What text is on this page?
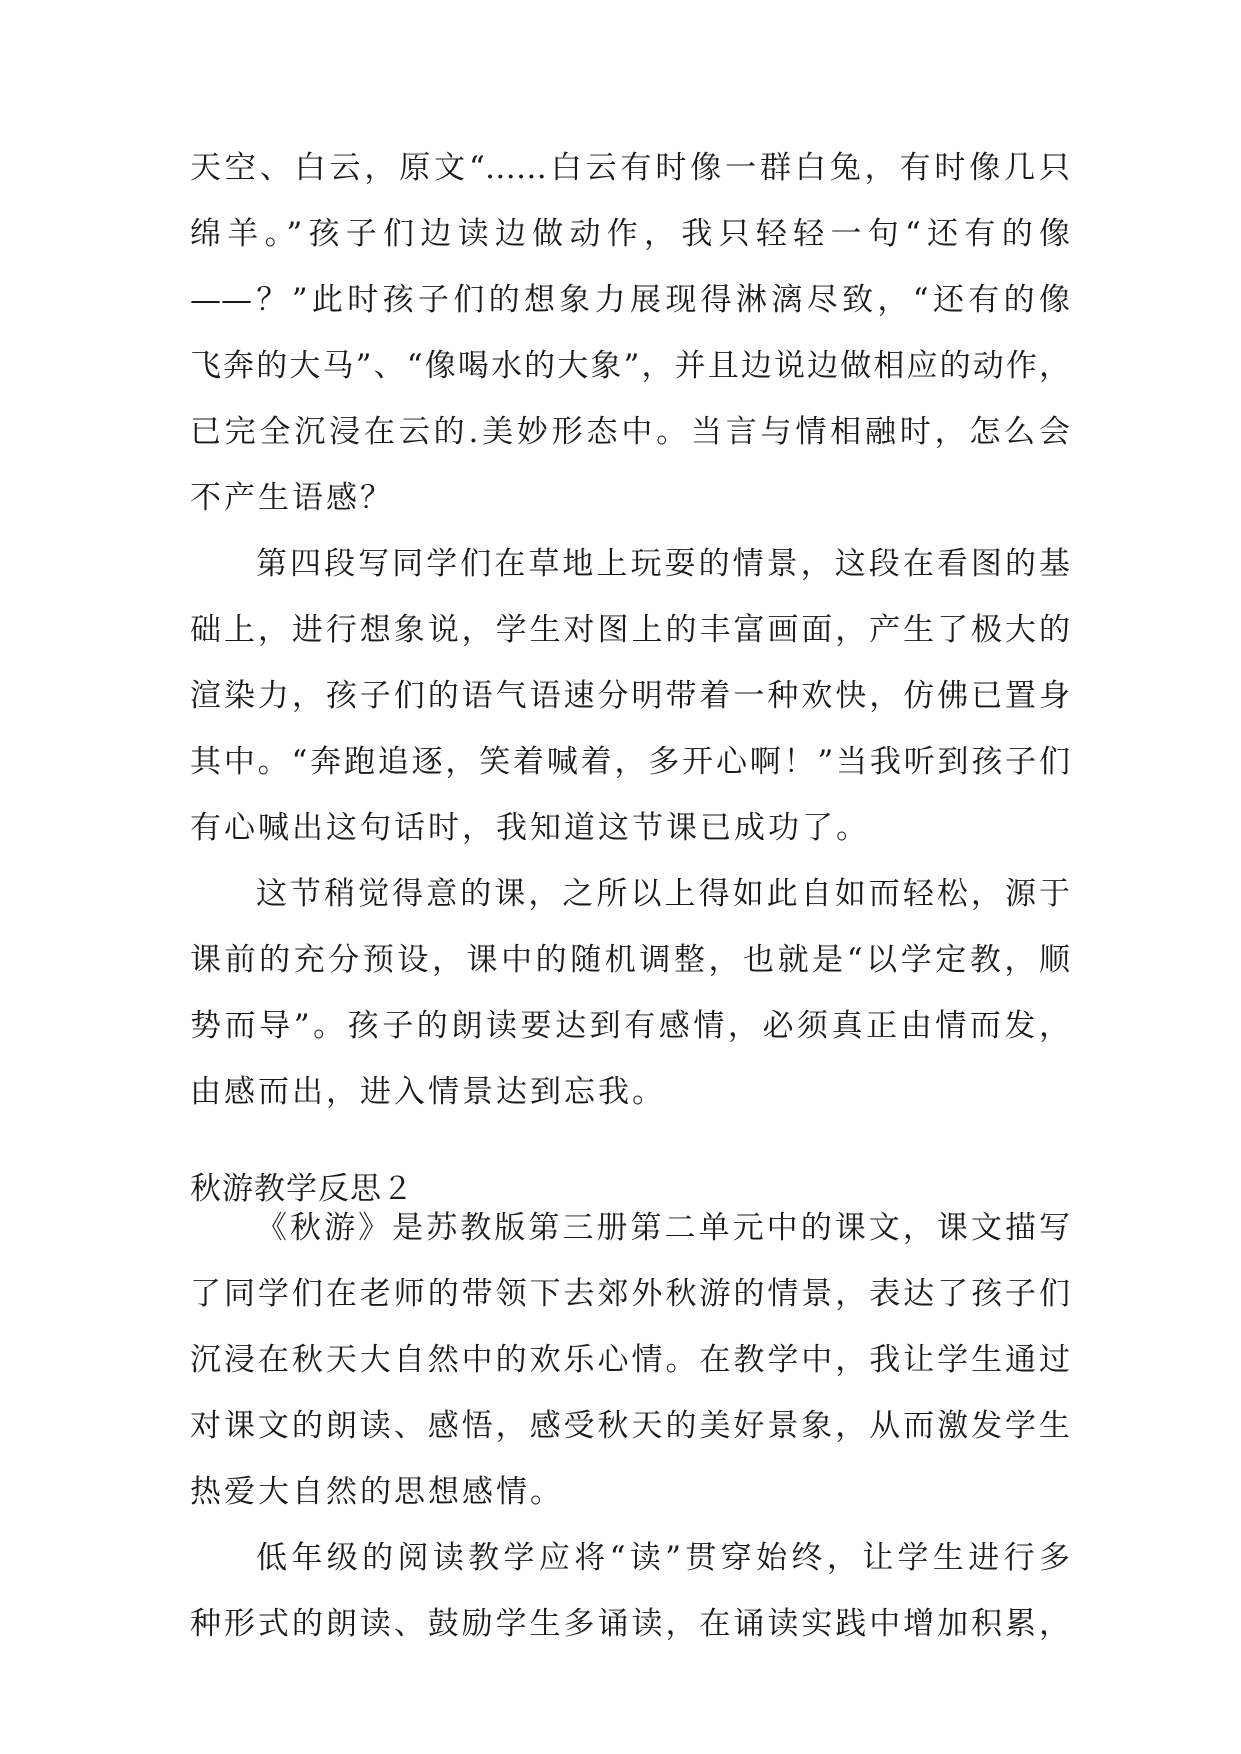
天空、白云，原文“……白云有时像一群白兔，有时像几只
绵羊。”孩子们边读边做动作，我只轻轻一句“还有的像
——？”此时孩子们的想象力展现得淋漓尽致，“还有的像
飞奔的大马”、“像喝水的大象”，并且边说边做相应的动作，
已完全沉浸在云的.美妙形态中。当言与情相融时，怎么会
不产生语感？
第四段写同学们在草地上玩耍的情景，这段在看图的基
础上，进行想象说，学生对图上的丰富画面，产生了极大的
渲染力，孩子们的语气语速分明带着一种欢快，仿佛已置身
其中。“奔跑追逐，笑着喊着，多开心啊！”当我听到孩子们
有心喊出这句话时，我知道这节课已成功了。
这节稍觉得意的课，之所以上得如此自如而轻松，源于
课前的充分预设，课中的随机调整，也就是“以学定教，顺
势而导”。孩子的朗读要达到有感情，必须真正由情而发，
由感而出，进入情景达到忘我。
秋游教学反思２
《秋游》是苏教版第三册第二单元中的课文，课文描写
了同学们在老师的带领下去郊外秋游的情景，表达了孩子们
沉浸在秋天大自然中的欢乐心情。在教学中，我让学生通过
对课文的朗读、感悟，感受秋天的美好景象，从而激发学生
热爱大自然的思想感情。
低年级的阅读教学应将“读”贯穿始终，让学生进行多
种形式的朗读、鼓励学生多诵读，在诵读实践中增加积累，
